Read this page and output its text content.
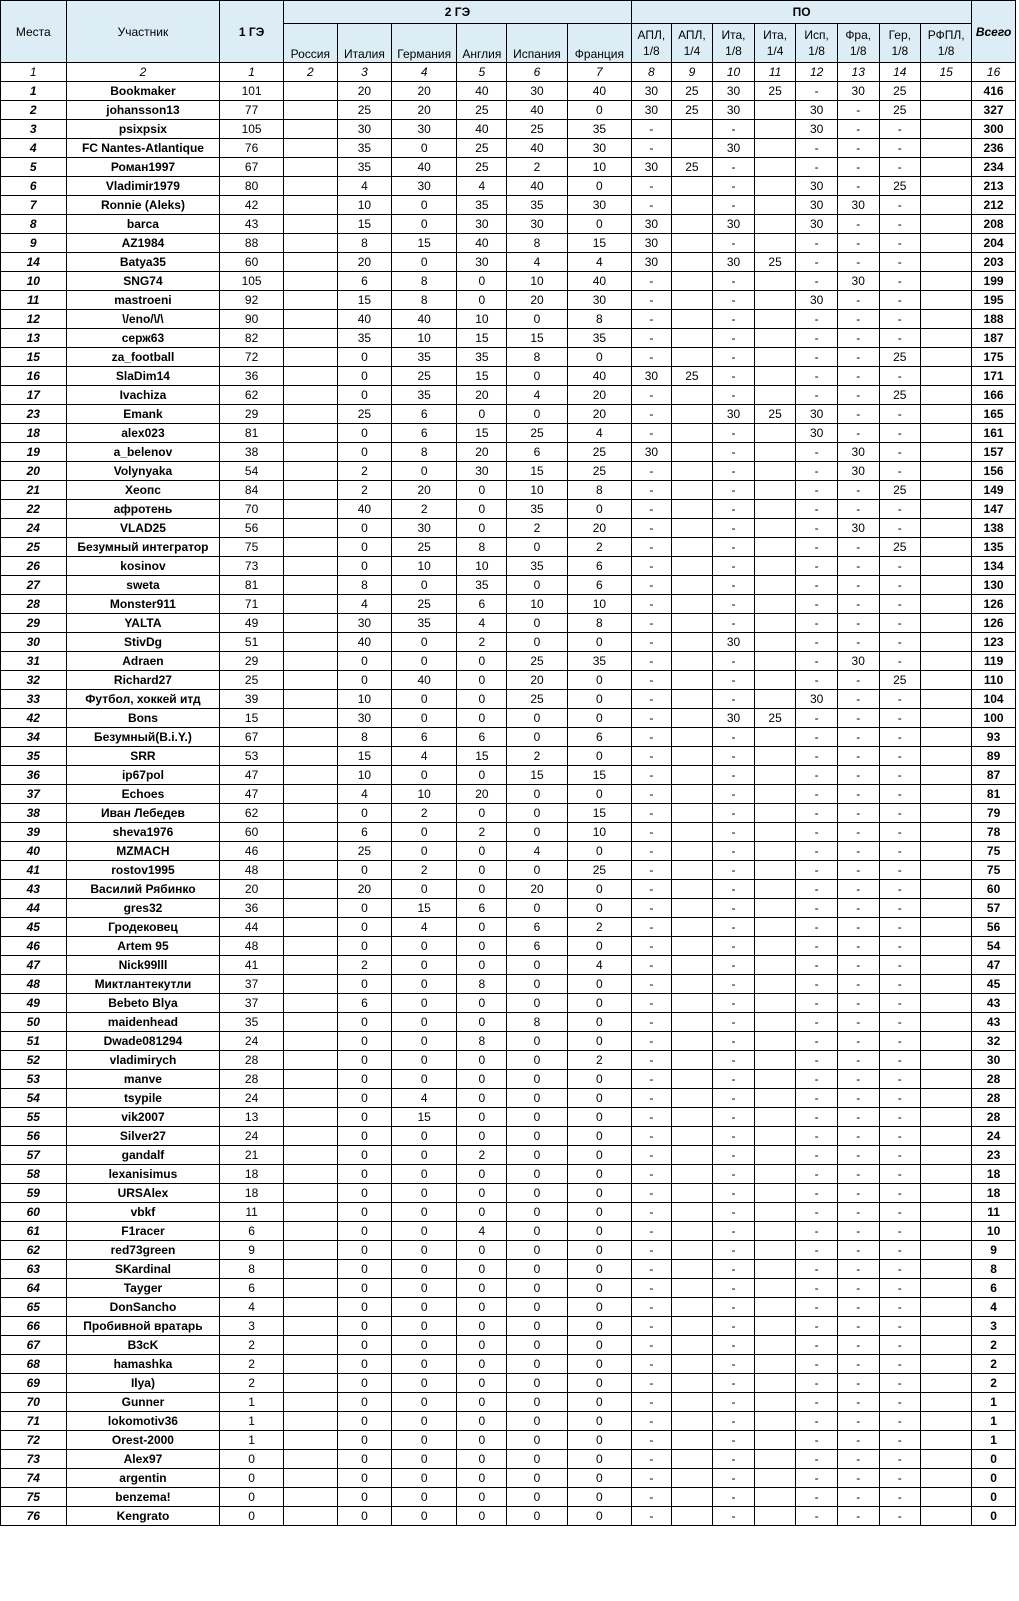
Места	Участник	1 ГЭ	2 ГЭ						ПО								Всего
			Россия	Италия	Германия	Англия	Испания	Франция	АПЛ, 1/8	АПЛ, 1/4	Ита, 1/8	Ита, 1/4	Исп, 1/8	Фра, 1/8	Гер, 1/8	РФПЛ, 1/8	
1	2	1	2	3	4	5	6	7	8	9	10	11	12	13	14	15	16
1	Bookmaker	101		20	20	40	30	40	30	25	30	25	-	30	25		416
2	johansson13	77		25	20	25	40	0	30	25	30		30	-	25		327
3	psixpsix	105		30	30	40	25	35	-		-		30	-	-		300
4	FC Nantes-Atlantique	76		35	0	25	40	30	-		30		-	-	-		236
5	Роман1997	67		35	40	25	2	10	30	25	-		-	-	-		234
6	Vladimir1979	80		4	30	4	40	0	-		-		30	-	25		213
7	Ronnie (Aleks)	42		10	0	35	35	30	-		-		30	30	-		212
8	barca	43		15	0	30	30	0	30		30		30	-	-		208
9	AZ1984	88		8	15	40	8	15	30		-		-	-	-		204
14	Batya35	60		20	0	30	4	4	30		30	25	-	-	-		203
10	SNG74	105		6	8	0	10	40	-		-		-	30	-		199
11	mastroeni	92		15	8	0	20	30	-		-		30	-	-		195
12	\/eno/\/\	90		40	40	10	0	8	-		-		-	-	-		188
13	серж63	82		35	10	15	15	35	-		-		-	-	-		187
15	za_football	72		0	35	35	8	0	-		-		-	-	25		175
16	SlaDim14	36		0	25	15	0	40	30	25	-		-	-	-		171
17	Ivachiza	62		0	35	20	4	20	-		-		-	-	25		166
23	Emank	29		25	6	0	0	20	-		30	25	30	-	-		165
18	alex023	81		0	6	15	25	4	-		-		30	-	-		161
19	a_belenov	38		0	8	20	6	25	30		-		-	30	-		157
20	Volynyaka	54		2	0	30	15	25	-		-		-	30	-		156
21	Хеопс	84		2	20	0	10	8	-		-		-	-	25		149
22	афротень	70		40	2	0	35	0	-		-		-	-	-		147
24	VLAD25	56		0	30	0	2	20	-		-		-	30	-		138
25	Безумный интегратор	75		0	25	8	0	2	-		-		-	-	25		135
26	kosinov	73		0	10	10	35	6	-		-		-	-	-		134
27	sweta	81		8	0	35	0	6	-		-		-	-	-		130
28	Monster911	71		4	25	6	10	10	-		-		-	-	-		126
29	YALTA	49		30	35	4	0	8	-		-		-	-	-		126
30	StivDg	51		40	0	2	0	0	-		30		-	-	-		123
31	Adraen	29		0	0	0	25	35	-		-		-	30	-		119
32	Richard27	25		0	40	0	20	0	-		-		-	-	25		110
33	Футбол, хоккей итд	39		10	0	0	25	0	-		-		30	-	-		104
42	Bons	15		30	0	0	0	0	-		30	25	-	-	-		100
34	Безумный(B.i.Y.)	67		8	6	6	0	6	-		-		-	-	-		93
35	SRR	53		15	4	15	2	0	-		-		-	-	-		89
36	ip67pol	47		10	0	0	15	15	-		-		-	-	-		87
37	Echoes	47		4	10	20	0	0	-		-		-	-	-		81
38	Иван Лебедев	62		0	2	0	0	15	-		-		-	-	-		79
39	sheva1976	60		6	0	2	0	10	-		-		-	-	-		78
40	MZMACH	46		25	0	0	4	0	-		-		-	-	-		75
41	rostov1995	48		0	2	0	0	25	-		-		-	-	-		75
43	Василий Рябинко	20		20	0	0	20	0	-		-		-	-	-		60
44	gres32	36		0	15	6	0	0	-		-		-	-	-		57
45	Гродековец	44		0	4	0	6	2	-		-		-	-	-		56
46	Artem 95	48		0	0	0	6	0	-		-		-	-	-		54
47	Nick99lll	41		2	0	0	0	4	-		-		-	-	-		47
48	Миктлантекутли	37		0	0	8	0	0	-		-		-	-	-		45
49	Bebeto Blya	37		6	0	0	0	0	-		-		-	-	-		43
50	maidenhead	35		0	0	0	8	0	-		-		-	-	-		43
51	Dwade081294	24		0	0	8	0	0	-		-		-	-	-		32
52	vladimirych	28		0	0	0	0	2	-		-		-	-	-		30
53	manve	28		0	0	0	0	0	-		-		-	-	-		28
54	tsypile	24		0	4	0	0	0	-		-		-	-	-		28
55	vik2007	13		0	15	0	0	0	-		-		-	-	-		28
56	Silver27	24		0	0	0	0	0	-		-		-	-	-		24
57	gandalf	21		0	0	2	0	0	-		-		-	-	-		23
58	lexanisimus	18		0	0	0	0	0	-		-		-	-	-		18
59	URSAlex	18		0	0	0	0	0	-		-		-	-	-		18
60	vbkf	11		0	0	0	0	0	-		-		-	-	-		11
61	F1racer	6		0	0	4	0	0	-		-		-	-	-		10
62	red73green	9		0	0	0	0	0	-		-		-	-	-		9
63	SKardinal	8		0	0	0	0	0	-		-		-	-	-		8
64	Tayger	6		0	0	0	0	0	-		-		-	-	-		6
65	DonSancho	4		0	0	0	0	0	-		-		-	-	-		4
66	Пробивной вратарь	3		0	0	0	0	0	-		-		-	-	-		3
67	B3cK	2		0	0	0	0	0	-		-		-	-	-		2
68	hamashka	2		0	0	0	0	0	-		-		-	-	-		2
69	Ilya)	2		0	0	0	0	0	-		-		-	-	-		2
70	Gunner	1		0	0	0	0	0	-		-		-	-	-		1
71	lokomotiv36	1		0	0	0	0	0	-		-		-	-	-		1
72	Orest-2000	1		0	0	0	0	0	-		-		-	-	-		1
73	Alex97	0		0	0	0	0	0	-		-		-	-	-		0
74	argentin	0		0	0	0	0	0	-		-		-	-	-		0
75	benzema!	0		0	0	0	0	0	-		-		-	-	-		0
76	Kengrato	0		0	0	0	0	0	-		-		-	-	-		0
